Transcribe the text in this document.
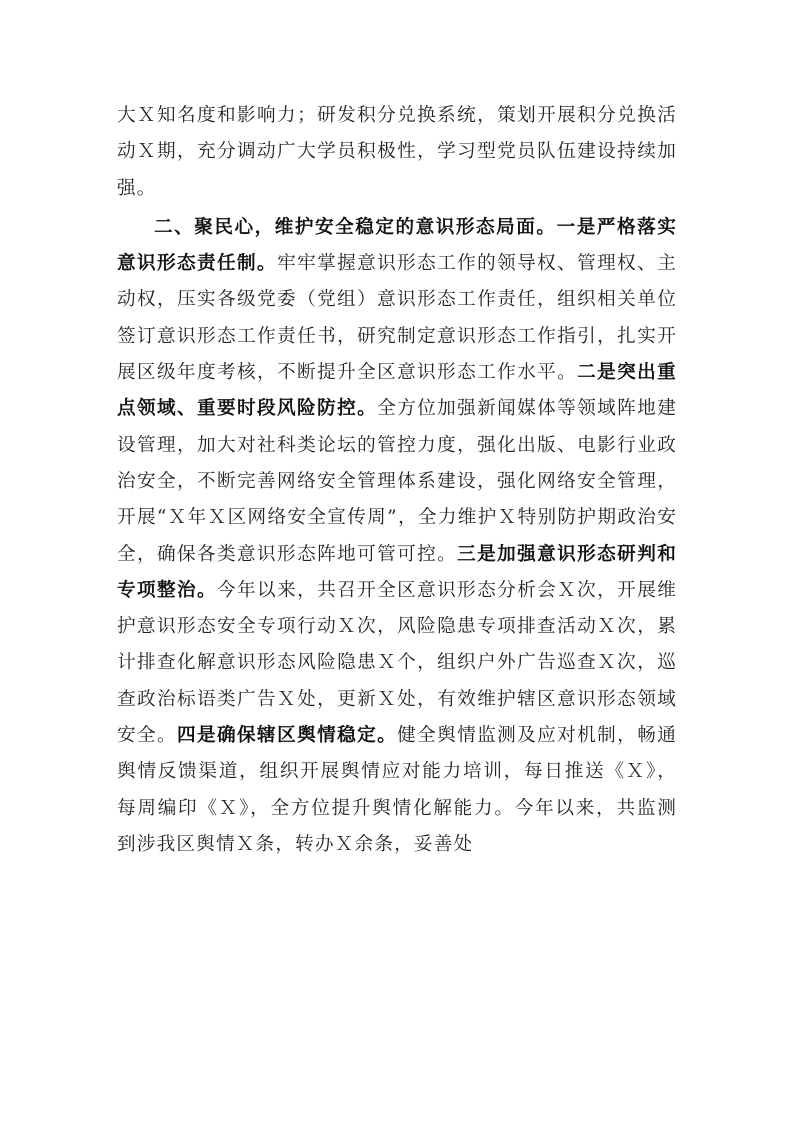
大Ｘ知名度和影响力；研发积分兑换系统，策划开展积分兑换活动Ｘ期，充分调动广大学员积极性，学习型党员队伍建设持续加强。

二、聚民心，维护安全稳定的意识形态局面。一是严格落实意识形态责任制。牢牢掌握意识形态工作的领导权、管理权、主动权，压实各级党委（党组）意识形态工作责任，组织相关单位签订意识形态工作责任书，研究制定意识形态工作指引，扎实开展区级年度考核，不断提升全区意识形态工作水平。二是突出重点领域、重要时段风险防控。全方位加强新闻媒体等领域阵地建设管理，加大对社科类论坛的管控力度，强化出版、电影行业政治安全，不断完善网络安全管理体系建设，强化网络安全管理，开展“Ｘ年Ｘ区网络安全宣传周”，全力维护Ｘ特别防护期政治安全，确保各类意识形态阵地可管可控。三是加强意识形态研判和专项整治。今年以来，共召开全区意识形态分析会Ｘ次，开展维护意识形态安全专项行动Ｘ次，风险隐患专项排查活动Ｘ次，累计排查化解意识形态风险隐患Ｘ个，组织户外广告巡查Ｘ次，巡查政治标语类广告Ｘ处，更新Ｘ处，有效维护辖区意识形态领域安全。四是确保辖区舆情稳定。健全舆情监测及应对机制，畅通舆情反馈渠道，组织开展舆情应对能力培训，每日推送《Ｘ》，每周编印《Ｘ》，全方位提升舆情化解能力。今年以来，共监测到涉我区舆情Ｘ条，转办Ｘ余条，妥善处
